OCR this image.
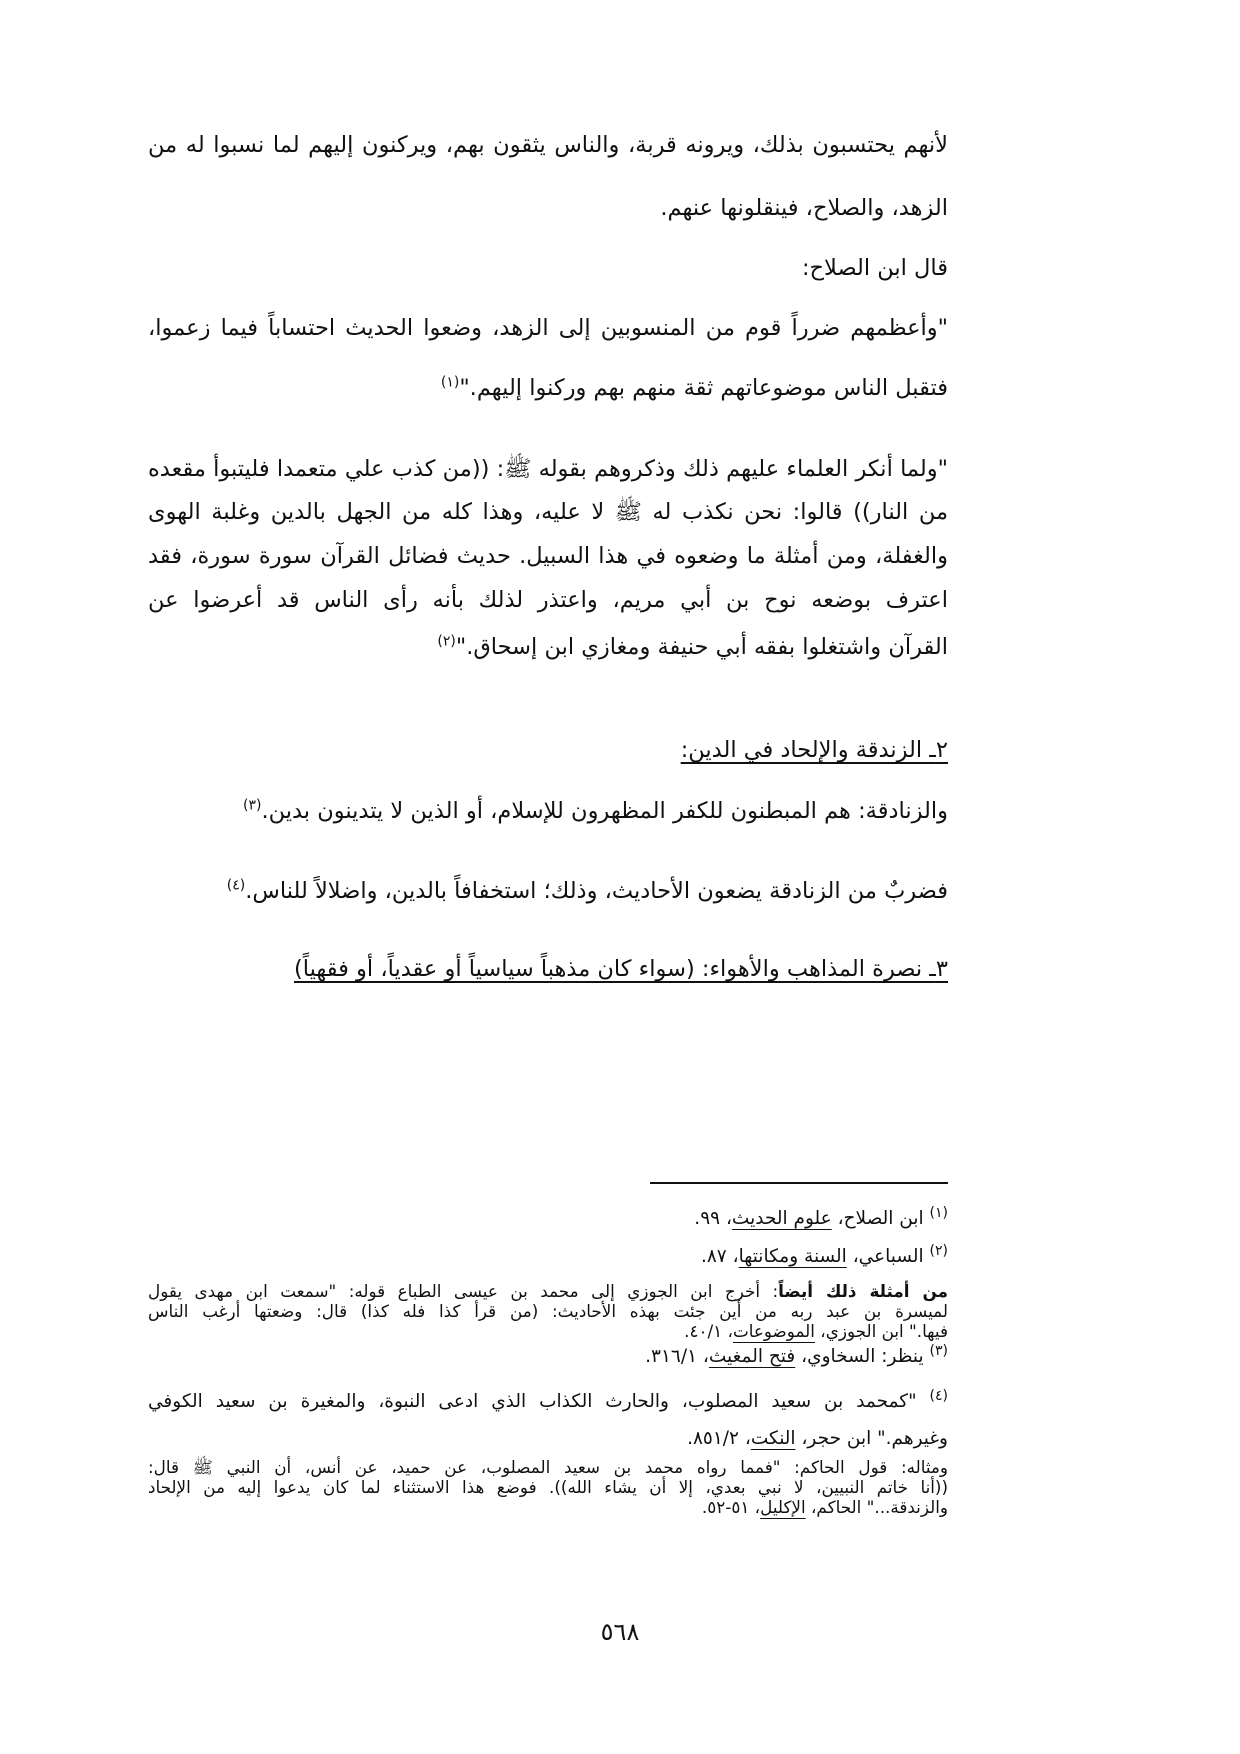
لأنهم يحتسبون بذلك، ويرونه قربة، والناس يثقون بهم، ويركنون إليهم لما نسبوا له من
الزهد، والصلاح، فينقلونها عنهم.
قال ابن الصلاح:
"وأعظمهم ضرراً قوم من المنسوبين إلى الزهد، وضعوا الحديث احتساباً فيما زعموا،
فتقبل الناس موضوعاتهم ثقة منهم بهم وركنوا إليهم."$^{(١)}$
"ولما أنكر العلماء عليهم ذلك وذكروهم بقوله ﷺ: ((من كذب علي متعمدا فليتبوأ مقعده
من النار)) قالوا: نحن نكذب له ﷺ لا عليه، وهذا كله من الجهل بالدين وغلبة الهوى
والغفلة، ومن أمثلة ما وضعوه في هذا السبيل. حديث فضائل القرآن سورة سورة، فقد
اعترف بوضعه نوح بن أبي مريم، واعتذر لذلك بأنه رأى الناس قد أعرضوا عن
القرآن واشتغلوا بفقه أبي حنيفة ومغازي ابن إسحاق."$^{(٢)}$
٢ـ الزندقة والإلحاد في الدين:
والزنادقة: هم المبطنون للكفر المظهرون للإسلام، أو الذين لا يتدينون بدين.$^{(٣)}$
فضربٌ من الزنادقة يضعون الأحاديث، وذلك؛ استخفافاً بالدين، واضلالاً للناس.$^{(٤)}$
٣ـ نصرة المذاهب والأهواء: (سواء كان مذهباً سياسياً أو عقدياً، أو فقهياً)
$^{(١)}$ ابن الصلاح، علوم الحديث، ٩٩.
$^{(٢)}$ السباعي، السنة ومكانتها، ٨٧.
من أمثلة ذلك أيضاً: أخرج ابن الجوزي إلى محمد بن عيسى الطباع قوله: "سمعت ابن مهدى يقول
لميسرة بن عبد ربه من أين جئت بهذه الأحاديث: (من قرأ كذا فله كذا) قال: وضعتها أرغب الناس
فيها." ابن الجوزي، الموضوعات، ٤٠/١.
$^{(٣)}$ ينظر: السخاوي، فتح المغيث، ٣١٦/١.
$^{(٤)}$ "كمحمد بن سعيد المصلوب، والحارث الكذاب الذي ادعى النبوة، والمغيرة بن سعيد الكوفي
وغيرهم." ابن حجر، النكت، ٨٥١/٢.
ومثاله: قول الحاكم: "فمما رواه محمد بن سعيد المصلوب، عن حميد، عن أنس، أن النبي ﷺ قال:
((أنا خاتم النبيين، لا نبي بعدي، إلا أن يشاء الله)). فوضع هذا الاستثناء لما كان يدعوا إليه من الإلحاد
والزندقة..." الحاكم، الإكليل، ٥١-٥٢.
٥٦٨
